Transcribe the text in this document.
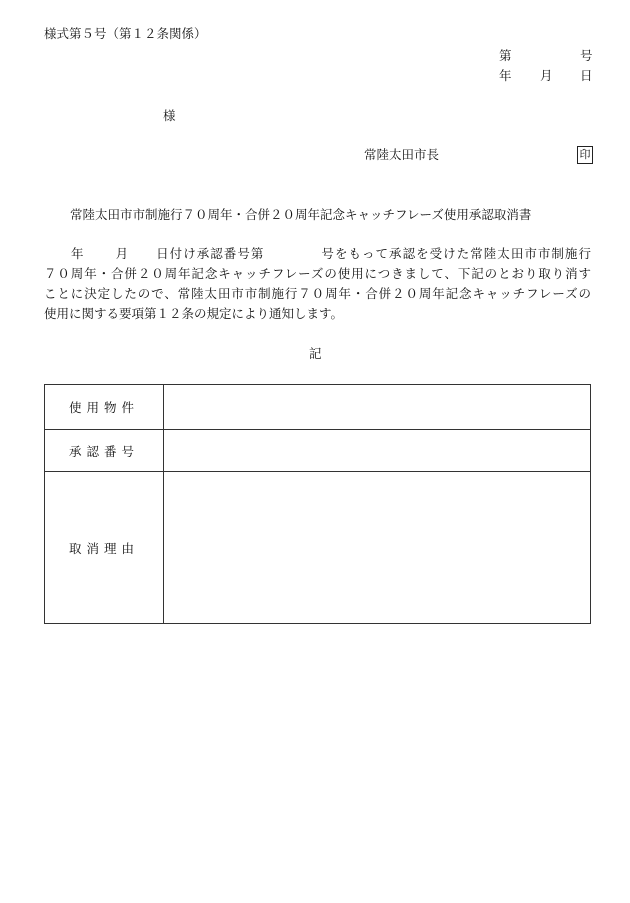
様式第５号（第１２条関係）
第	号
年 月 日
様
常陸太田市長	印
常陸太田市市制施行７０周年・合併２０周年記念キャッチフレーズ使用承認取消書
年 月 日付け承認番号第	号をもって承認を受けた常陸太田市市制施行
７０周年・合併２０周年記念キャッチフレーズの使用につきまして、下記のとおり取り消す
ことに決定したので、常陸太田市市制施行７０周年・合併２０周年記念キャッチフレーズの
使用に関する要項第１２条の規定により通知します。
記
使用物件	
承認番号	
取消理由	
